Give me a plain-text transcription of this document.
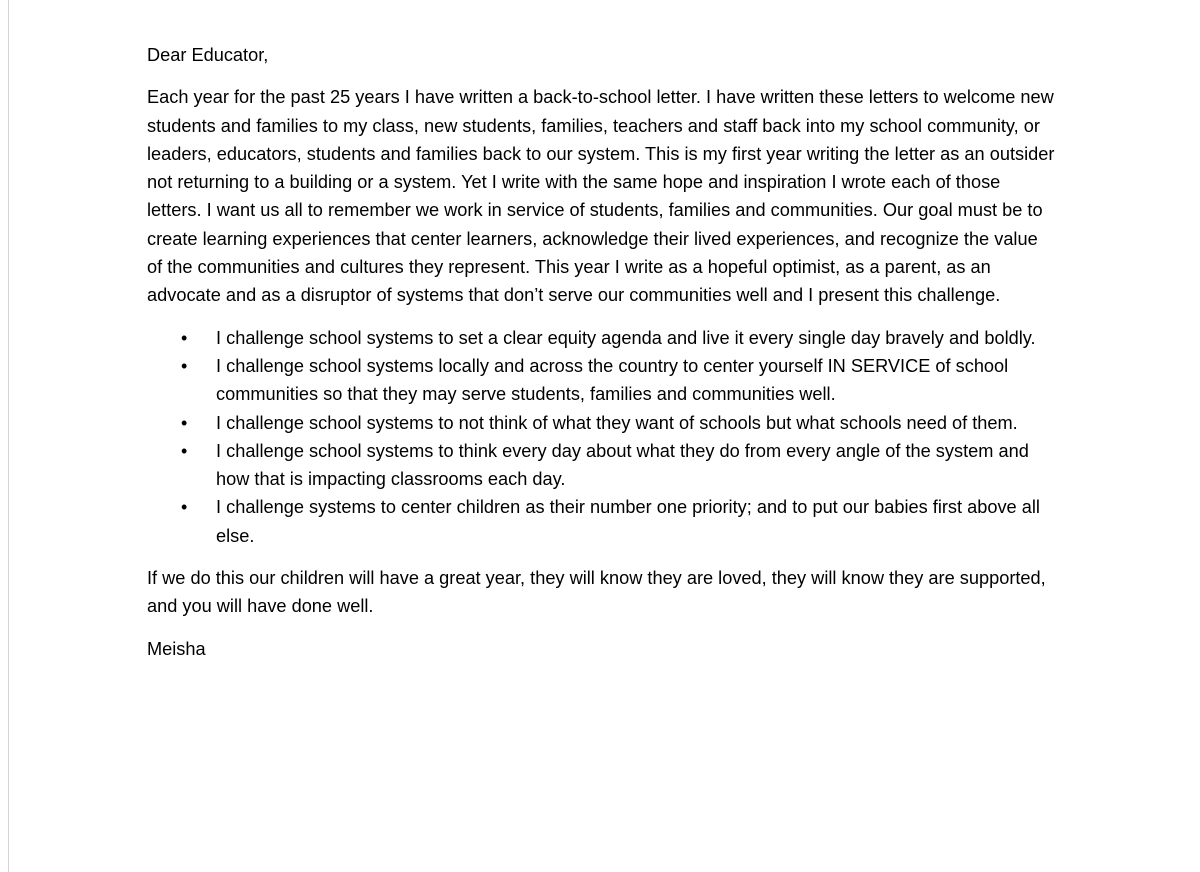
Dear Educator,

Each year for the past 25 years I have written a back-to-school letter. I have written these letters to welcome new students and families to my class, new students, families, teachers and staff back into my school community, or leaders, educators, students and families back to our system. This is my first year writing the letter as an outsider not returning to a building or a system. Yet I write with the same hope and inspiration I wrote each of those letters. I want us all to remember we work in service of students, families and communities. Our goal must be to create learning experiences that center learners, acknowledge their lived experiences, and recognize the value of the communities and cultures they represent. This year I write as a hopeful optimist, as a parent, as an advocate and as a disruptor of systems that don’t serve our communities well and I present this challenge.

• I challenge school systems to set a clear equity agenda and live it every single day bravely and boldly.
• I challenge school systems locally and across the country to center yourself IN SERVICE of school communities so that they may serve students, families and communities well.
• I challenge school systems to not think of what they want of schools but what schools need of them.
• I challenge school systems to think every day about what they do from every angle of the system and how that is impacting classrooms each day.
• I challenge systems to center children as their number one priority; and to put our babies first above all else.

If we do this our children will have a great year, they will know they are loved, they will know they are supported, and you will have done well.

Meisha
